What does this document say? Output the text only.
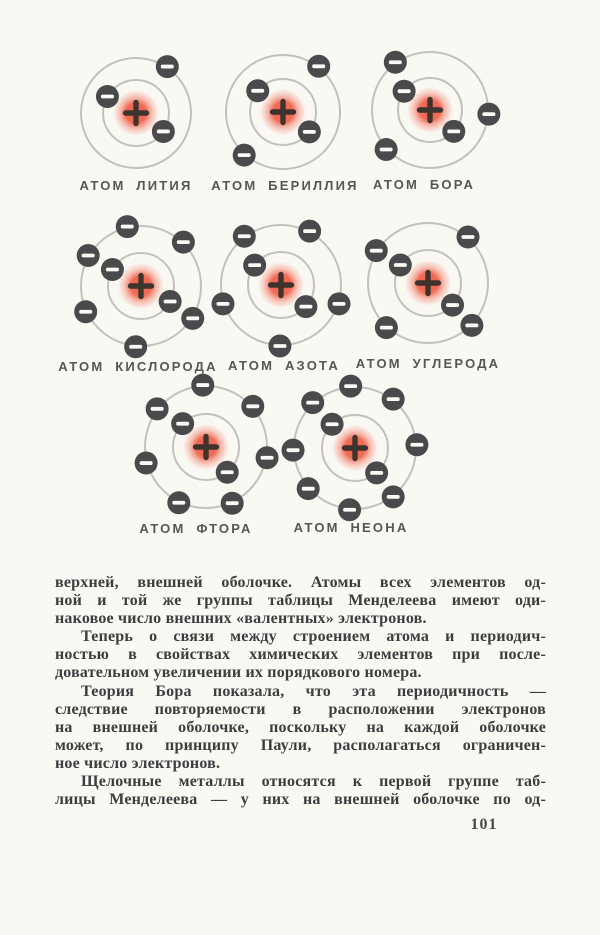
АТОМ ЛИТИЯ АТОМ БЕРИЛЛИЯ АТОМ БОРА
АТОМ КИСЛОРОДА АТОМ АЗОТА АТОМ УГЛЕРОДА
АТОМ ФТОРА	АТОМ НЕОНА
верхней, внешней оболочке. Атомы всех элементов од-
ной и той же группы таблицы Менделеева имеют оди-
наковое число внешних «валентных» электронов.
Теперь о связи между строением атома и периодич-
ностью в свойствах химических элементов при после-
довательном увеличении их порядкового номера.
Теория Бора показала, что эта периодичность —
следствие повторяемости в расположении электронов
на внешней оболочке, поскольку на каждой оболочке
может, по принципу Паули, располагаться ограничен-
ное число электронов.
Щелочные металлы относятся к первой группе таб-
лицы Менделеева — у них на внешней оболочке по од-
101
